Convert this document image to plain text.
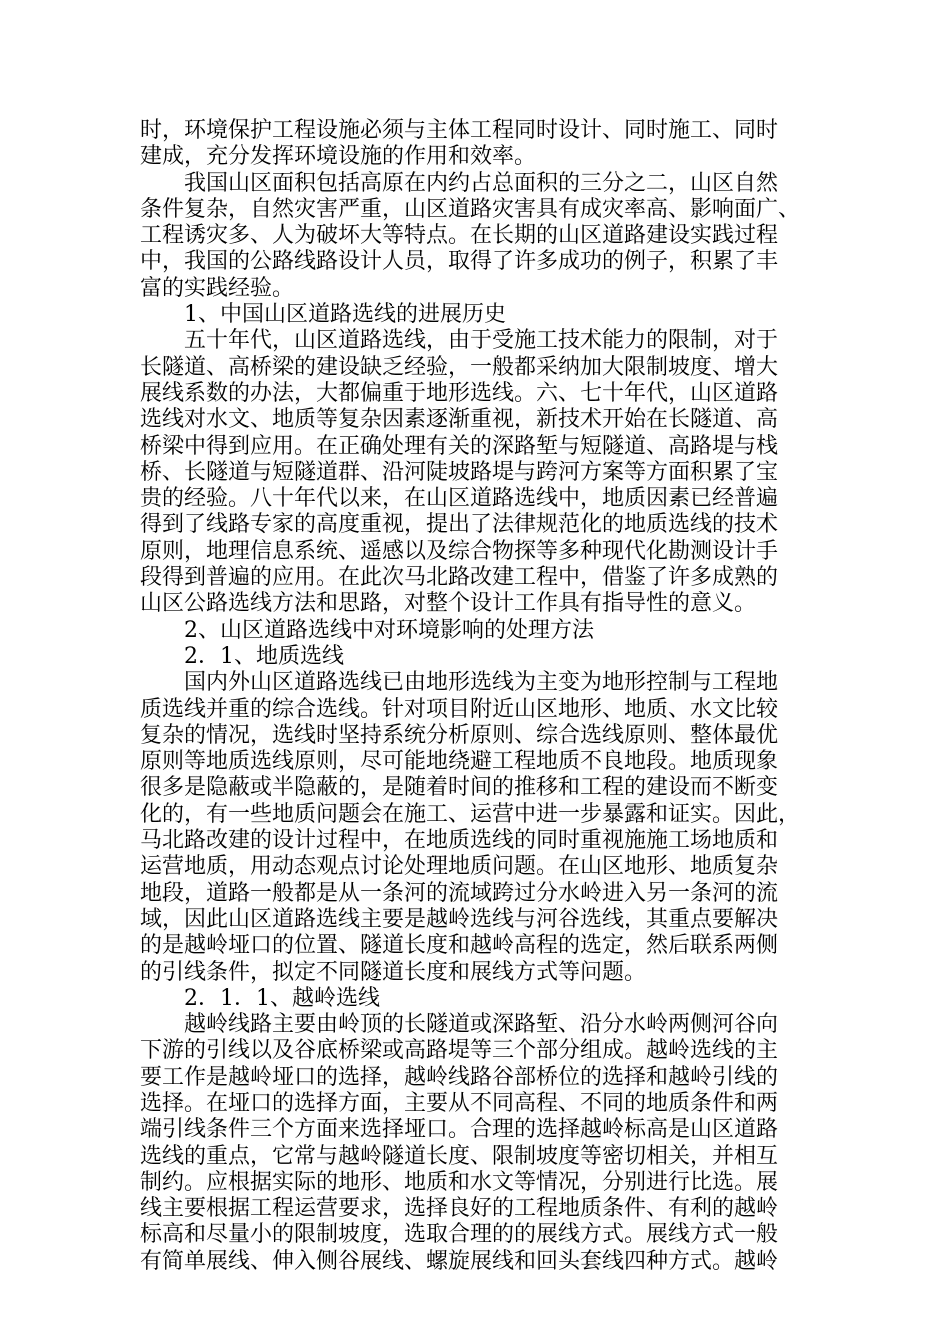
时，环境保护工程设施必须与主体工程同时设计、同时施工、同时
建成，充分发挥环境设施的作用和效率。
我国山区面积包括高原在内约占总面积的三分之二，山区自然
条件复杂，自然灾害严重，山区道路灾害具有成灾率高、影响面广、
工程诱灾多、人为破坏大等特点。在长期的山区道路建设实践过程
中，我国的公路线路设计人员，取得了许多成功的例子，积累了丰
富的实践经验。
1、中国山区道路选线的进展历史
五十年代，山区道路选线，由于受施工技术能力的限制，对于
长隧道、高桥梁的建设缺乏经验，一般都采纳加大限制坡度、增大
展线系数的办法，大都偏重于地形选线。六、七十年代，山区道路
选线对水文、地质等复杂因素逐渐重视，新技术开始在长隧道、高
桥梁中得到应用。在正确处理有关的深路堑与短隧道、高路堤与栈
桥、长隧道与短隧道群、沿河陡坡路堤与跨河方案等方面积累了宝
贵的经验。八十年代以来，在山区道路选线中，地质因素已经普遍
得到了线路专家的高度重视，提出了法律规范化的地质选线的技术
原则，地理信息系统、遥感以及综合物探等多种现代化勘测设计手
段得到普遍的应用。在此次马北路改建工程中，借鉴了许多成熟的
山区公路选线方法和思路，对整个设计工作具有指导性的意义。
2、山区道路选线中对环境影响的处理方法
2．1、地质选线
国内外山区道路选线已由地形选线为主变为地形控制与工程地
质选线并重的综合选线。针对项目附近山区地形、地质、水文比较
复杂的情况，选线时坚持系统分析原则、综合选线原则、整体最优
原则等地质选线原则，尽可能地绕避工程地质不良地段。地质现象
很多是隐蔽或半隐蔽的，是随着时间的推移和工程的建设而不断变
化的，有一些地质问题会在施工、运营中进一步暴露和证实。因此，
马北路改建的设计过程中，在地质选线的同时重视施施工场地质和
运营地质，用动态观点讨论处理地质问题。在山区地形、地质复杂
地段，道路一般都是从一条河的流域跨过分水岭进入另一条河的流
域，因此山区道路选线主要是越岭选线与河谷选线，其重点要解决
的是越岭垭口的位置、隧道长度和越岭高程的选定，然后联系两侧
的引线条件，拟定不同隧道长度和展线方式等问题。
2．1．1、越岭选线
越岭线路主要由岭顶的长隧道或深路堑、沿分水岭两侧河谷向
下游的引线以及谷底桥梁或高路堤等三个部分组成。越岭选线的主
要工作是越岭垭口的选择，越岭线路谷部桥位的选择和越岭引线的
选择。在垭口的选择方面，主要从不同高程、不同的地质条件和两
端引线条件三个方面来选择垭口。合理的选择越岭标高是山区道路
选线的重点，它常与越岭隧道长度、限制坡度等密切相关，并相互
制约。应根据实际的地形、地质和水文等情况，分别进行比选。展
线主要根据工程运营要求，选择良好的工程地质条件、有利的越岭
标高和尽量小的限制坡度，选取合理的的展线方式。展线方式一般
有简单展线、伸入侧谷展线、螺旋展线和回头套线四种方式。越岭
